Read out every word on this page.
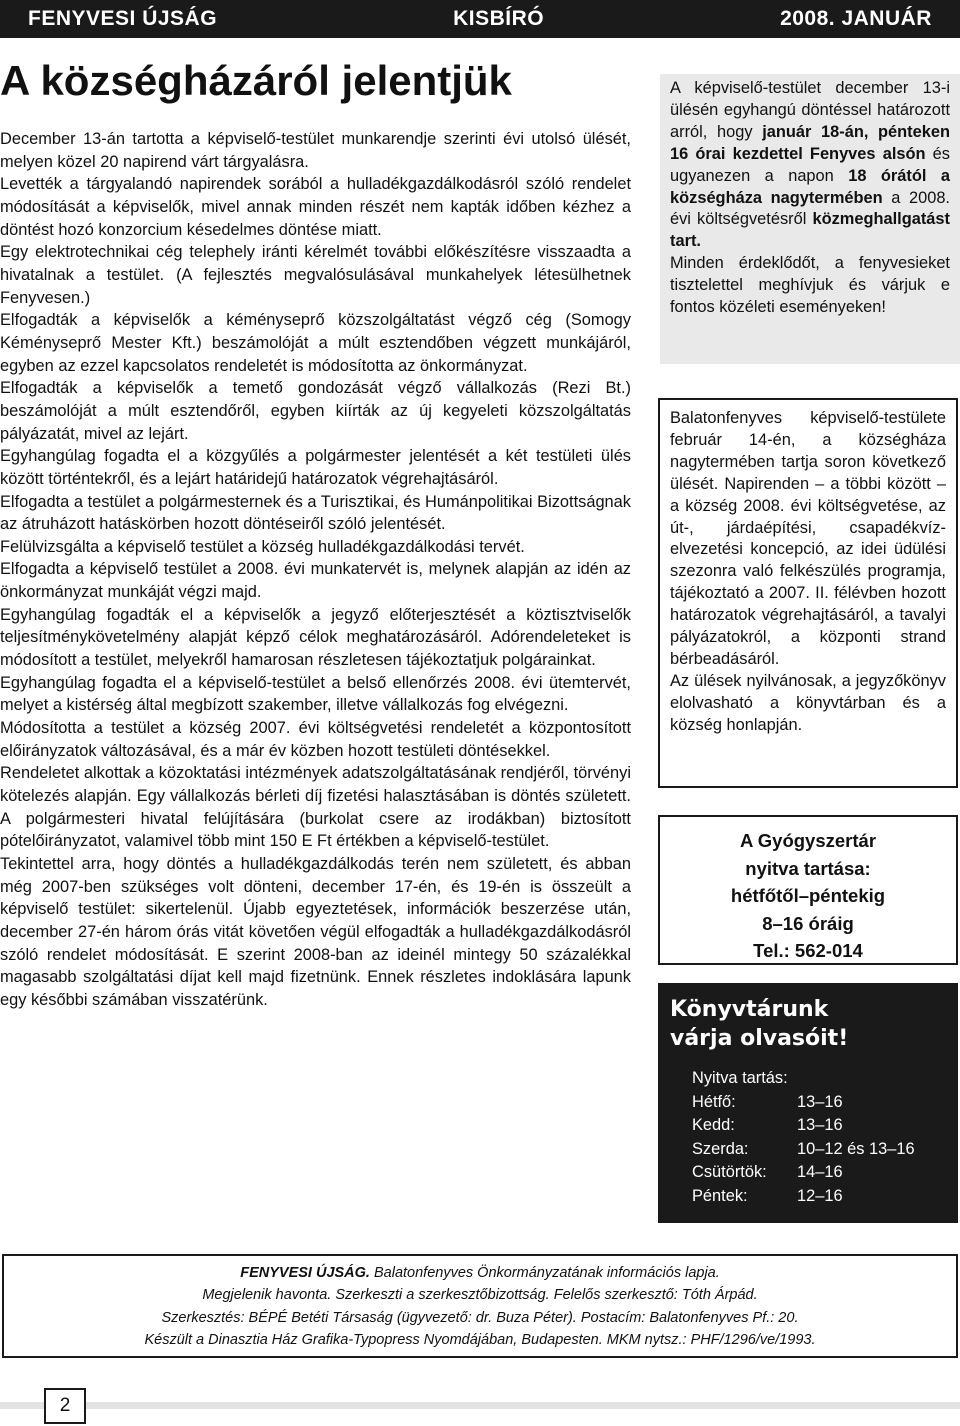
FENYVESI ÚJSÁG	KISBÍRÓ	2008. JANUÁR
A községházáról jelentjük

December 13-án tartotta a képviselő-testület munkarendje szerinti évi utolsó ülését, melyen közel 20 napirend várt tárgyalásra.

Levették a tárgyalandó napirendek sorából a hulladékgazdálkodásról szóló rendelet módosítását a képviselők, mivel annak minden részét nem kapták időben kézhez a döntést hozó konzorcium késedelmes döntése miatt.

Egy elektrotechnikai cég telephely iránti kérelmét további előkészítésre visszaadta a hivatalnak a testület. (A fejlesztés megvalósulásával munkahelyek létesülhetnek Fenyvesen.)

Elfogadták a képviselők a kéményseprő közszolgáltatást végző cég (Somogy Kéményseprő Mester Kft.) beszámolóját a múlt esztendőben végzett munkájáról, egyben az ezzel kapcsolatos rendeletét is módosította az önkormányzat.

Elfogadták a képviselők a temető gondozását végző vállalkozás (Rezi Bt.) beszámolóját a múlt esztendőről, egyben kiírták az új kegyeleti közszolgáltatás pályázatát, mivel az lejárt.

Egyhangúlag fogadta el a közgyűlés a polgármester jelentését a két testületi ülés között történtekről, és a lejárt határidejű határozatok végrehajtásáról.

Elfogadta a testület a polgármesternek és a Turisztikai, és Humánpolitikai Bizottságnak az átruházott hatáskörben hozott döntéseiről szóló jelentését.

Felülvizsgálta a képviselő testület a község hulladékgazdálkodási tervét.

Elfogadta a képviselő testület a 2008. évi munkatervét is, melynek alapján az idén az önkormányzat munkáját végzi majd.

Egyhangúlag fogadták el a képviselők a jegyző előterjesztését a köztisztviselők teljesítménykövetelmény alapját képző célok meghatározásáról. Adórendeleteket is módosított a testület, melyekről hamarosan részletesen tájékoztatjuk polgárainkat.

Egyhangúlag fogadta el a képviselő-testület a belső ellenőrzés 2008. évi ütemtervét, melyet a kistérség által megbízott szakember, illetve vállalkozás fog elvégezni.

Módosította a testület a község 2007. évi költségvetési rendeletét a központosított előirányzatok változásával, és a már év közben hozott testületi döntésekkel.

Rendeletet alkottak a közoktatási intézmények adatszolgáltatásának rendjéről, törvényi kötelezés alapján. Egy vállalkozás bérleti díj fizetési halasztásában is döntés született. A polgármesteri hivatal felújítására (burkolat csere az irodákban) biztosított pótelőirányzatot, valamivel több mint 150 E Ft értékben a képviselő-testület.

Tekintettel arra, hogy döntés a hulladékgazdálkodás terén nem született, és abban még 2007-ben szükséges volt dönteni, december 17-én, és 19-én is összeült a képviselő testület: sikertelenül. Újabb egyeztetések, információk beszerzése után, december 27-én három órás vitát követően végül elfogadták a hulladékgazdálkodásról szóló rendelet módosítását. E szerint 2008-ban az ideinél mintegy 50 százalékkal magasabb szolgáltatási díjat kell majd fizetnünk. Ennek részletes indoklására lapunk egy későbbi számában visszatérünk.

A képviselő-testület december 13-i ülésén egyhangú döntéssel határozott arról, hogy január 18-án, pénteken 16 órai kezdettel Fenyves alsón és ugyanezen a napon 18 órától a községháza nagytermében a 2008. évi költségvetésről közmeghallgatást tart.

Minden érdeklődőt, a fenyvesieket tisztelettel meghívjuk és várjuk e fontos közéleti eseményeken!

Balatonfenyves képviselő-testülete február 14-én, a községháza nagytermében tartja soron következő ülését. Napirenden – a többi között – a község 2008. évi költségvetése, az út-, járdaépítési, csapadékvíz-elvezetési koncepció, az idei üdülési szezonra való felkészülés programja, tájékoztató a 2007. II. félévben hozott határozatok végrehajtásáról, a tavalyi pályázatokról, a központi strand bérbeadásáról.

Az ülések nyilvánosak, a jegyzőkönyv elolvasható a könyvtárban és a község honlapján.

A Gyógyszertár
nyitva tartása:
hétfőtől–péntekig
8–16 óráig
Tel.: 562-014
Könyvtárunk
várja olvasóit!
Nyitva tartás:
Hétfő:	13–16
Kedd:	13–16
Szerda:	10–12 és 13–16
Csütörtök:	14–16
Péntek:	12–16
FENYVESI ÚJSÁG. Balatonfenyves Önkormányzatának információs lapja.
Megjelenik havonta. Szerkeszti a szerkesztőbizottság. Felelős szerkesztő: Tóth Árpád.
Szerkesztés: BÉPÉ Betéti Társaság (ügyvezető: dr. Buza Péter). Postacím: Balatonfenyves Pf.: 20.
Készült a Dinasztia Ház Grafika-Typopress Nyomdájában, Budapesten. MKM nytsz.: PHF/1296/ve/1993.
2
